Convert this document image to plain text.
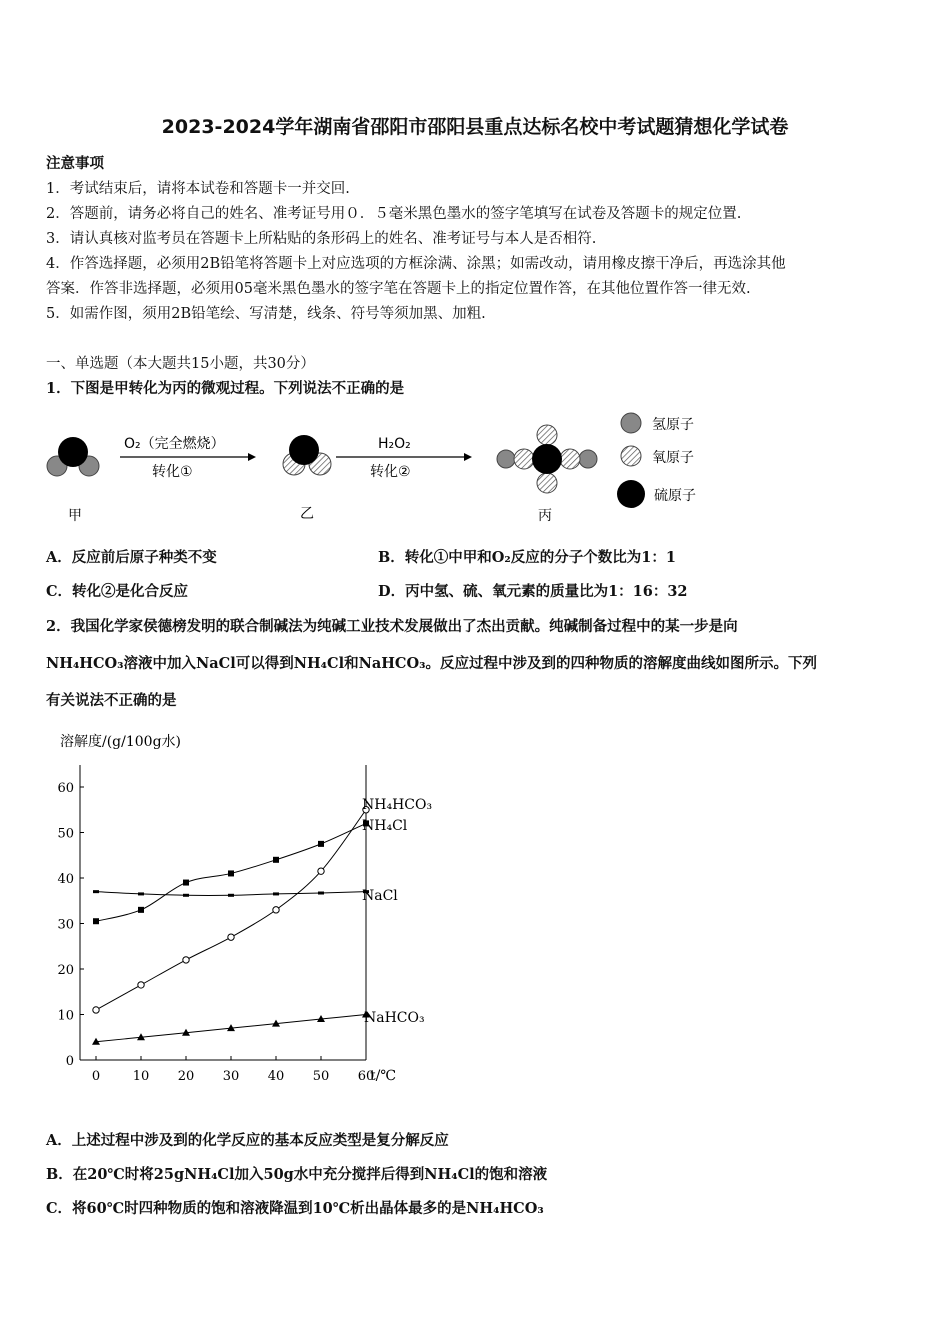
2023-2024学年湖南省邵阳市邵阳县重点达标名校中考试题猜想化学试卷
注意事项
1．考试结束后，请将本试卷和答题卡一并交回.
2．答题前，请务必将自己的姓名、准考证号用０．５毫米黑色墨水的签字笔填写在试卷及答题卡的规定位置.
3．请认真核对监考员在答题卡上所粘贴的条形码上的姓名、准考证号与本人是否相符.
4．作答选择题，必须用2B铅笔将答题卡上对应选项的方框涂满、涂黑；如需改动，请用橡皮擦干净后，再选涂其他
答案．作答非选择题，必须用05毫米黑色墨水的签字笔在答题卡上的指定位置作答，在其他位置作答一律无效.
5．如需作图，须用2B铅笔绘、写清楚，线条、符号等须加黑、加粗.
一、单选题（本大题共15小题，共30分）
1．下图是甲转化为丙的微观过程。下列说法不正确的是
O₂（完全燃烧）
转化①
H₂O₂
转化②
甲	乙	丙
氢原子
氧原子
硫原子
A．反应前后原子种类不变	B．转化①中甲和O₂反应的分子个数比为1：1
C．转化②是化合反应	D．丙中氢、硫、氧元素的质量比为1：16：32
2．我国化学家侯德榜发明的联合制碱法为纯碱工业技术发展做出了杰出贡献。纯碱制备过程中的某一步是向
NH₄HCO₃溶液中加入NaCl可以得到NH₄Cl和NaHCO₃。反应过程中涉及到的四种物质的溶解度曲线如图所示。下列
有关说法不正确的是
0
10
20
30
40
50
60
0	10 20 30 40 50 60
NH₄HCO₃
NH₄Cl
NaCl
NaHCO₃
溶解度/(g/100g水)
t/℃
A．上述过程中涉及到的化学反应的基本反应类型是复分解反应
B．在20℃时将25gNH₄Cl加入50g水中充分搅拌后得到NH₄Cl的饱和溶液
C．将60℃时四种物质的饱和溶液降温到10℃析出晶体最多的是NH₄HCO₃
